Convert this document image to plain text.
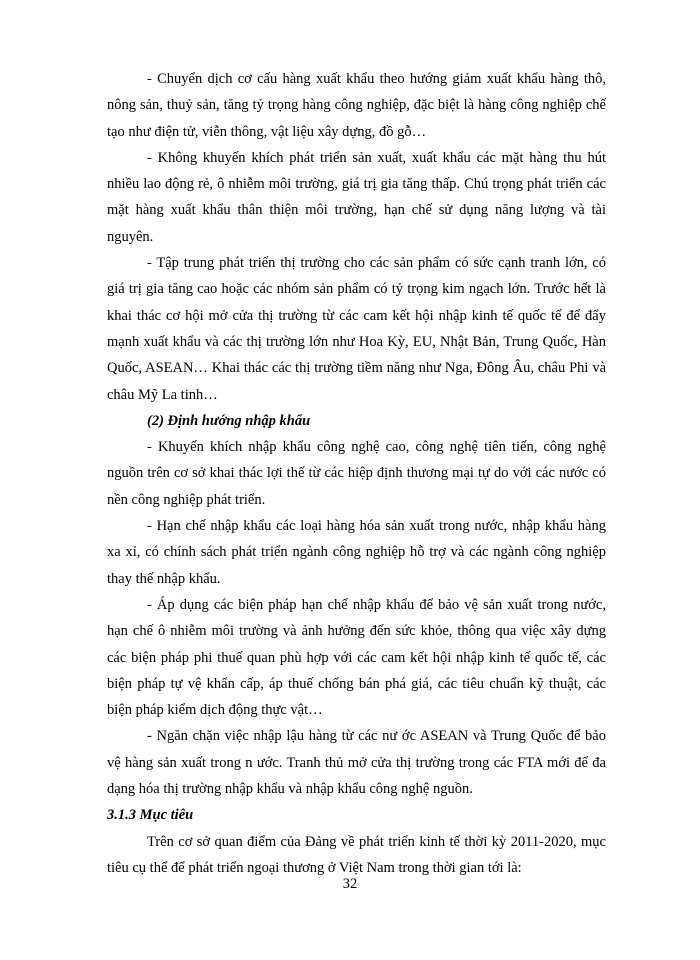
- Chuyển dịch cơ cấu hàng xuất khẩu theo hướng giảm xuất khẩu hàng thô, nông sản, thuỷ sản, tăng tỷ trọng hàng công nghiệp, đặc biệt là hàng công nghiệp chế tạo như điện tử, viễn thông, vật liệu xây dựng, đồ gỗ…

- Không khuyến khích phát triển sản xuất, xuất khẩu các mặt hàng thu hút nhiều lao động rẻ, ô nhiễm môi trường, giá trị gia tăng thấp. Chú trọng phát triển các mặt hàng xuất khẩu thân thiện môi trường, hạn chế sử dụng năng lượng và tài nguyên.

- Tập trung phát triển thị trường cho các sản phẩm có sức cạnh tranh lớn, có giá trị gia tăng cao hoặc các nhóm sản phẩm có tỷ trọng kim ngạch lớn. Trước hết là khai thác cơ hội mở cửa thị trường từ các cam kết hội nhập kinh tế quốc tế để đẩy mạnh xuất khẩu và các thị trường lớn như Hoa Kỳ, EU, Nhật Bản, Trung Quốc, Hàn Quốc, ASEAN… Khai thác các thị trường tiềm năng như Nga, Đông Âu, châu Phi và châu Mỹ La tinh…

(2) Định hướng nhập khẩu

- Khuyến khích nhập khẩu công nghệ cao, công nghệ tiên tiến, công nghệ nguồn trên cơ sở khai thác lợi thế từ các hiệp định thương mại tự do với các nước có nền công nghiệp phát triển.

- Hạn chế nhập khẩu các loại hàng hóa sản xuất trong nước, nhập khẩu hàng xa xỉ, có chính sách phát triển ngành công nghiệp hỗ trợ và các ngành công nghiệp thay thế nhập khẩu.

- Áp dụng các biện pháp hạn chế nhập khẩu để bảo vệ sản xuất trong nước, hạn chế ô nhiễm môi trường và ảnh hưởng đến sức khỏe, thông qua việc xây dựng các biện pháp phi thuế quan phù hợp với các cam kết hội nhập kinh tế quốc tế, các biện pháp tự vệ khẩn cấp, áp thuế chống bán phá giá, các tiêu chuẩn kỹ thuật, các biện pháp kiểm dịch động thực vật…

- Ngăn chặn việc nhập lậu hàng từ các nư ớc ASEAN và Trung Quốc để bảo vệ hàng sản xuất trong n ước. Tranh thủ mở cửa thị trường trong các FTA mới để đa dạng hóa thị trường nhập khẩu và nhập khẩu công nghệ nguồn.

3.1.3 Mục tiêu

Trên cơ sở quan điểm của Đảng về phát triển kinh tế thời kỳ 2011-2020, mục tiêu cụ thể để phát triển ngoại thương ở Việt Nam trong thời gian tới là:

32
